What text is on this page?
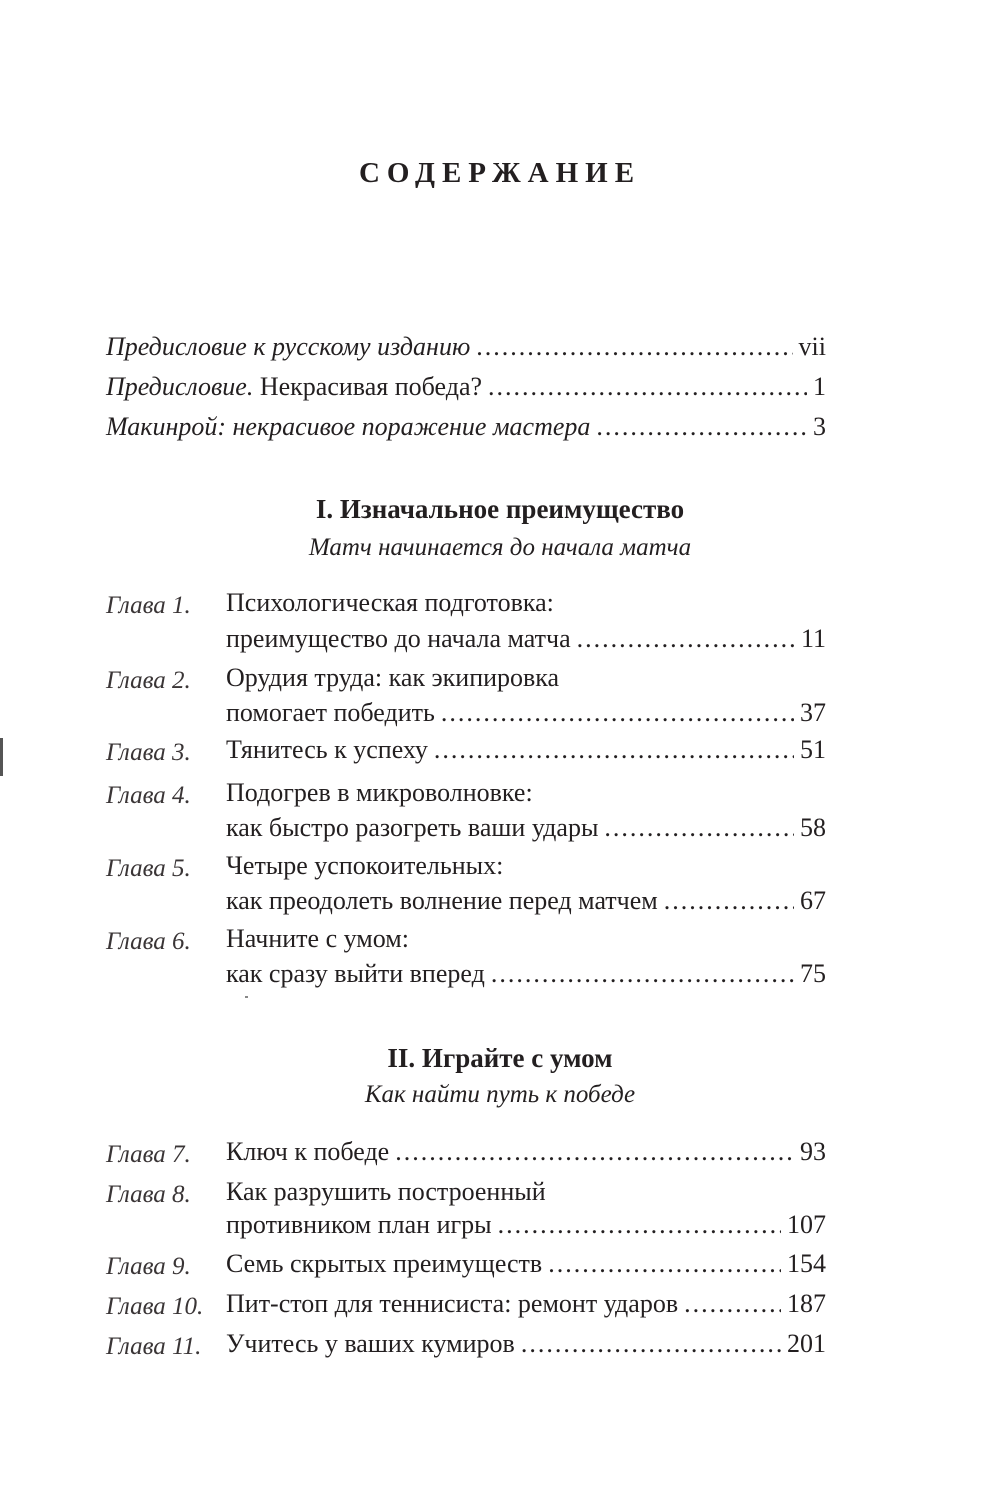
СОДЕРЖАНИЕ
Предисловие к русскому изданию .....	vii
Предисловие. Некрасивая победа? .....	1
Макинрой: некрасивое поражение мастера .....	3
I. Изначальное преимущество
Матч начинается до начала матча
Глава 1. Психологическая подготовка:
преимущество до начала матча .....	11
Глава 2. Орудия труда: как экипировка
помогает победить .....	37
Глава 3. Тянитесь к успеху .....	51
Глава 4. Подогрев в микроволновке:
как быстро разогреть ваши удары .....	58
Глава 5. Четыре успокоительных:
как преодолеть волнение перед матчем .....	67
Глава 6. Начните с умом:
как сразу выйти вперед .....	75
II. Играйте с умом
Как найти путь к победе
Глава 7. Ключ к победе .....	93
Глава 8. Как разрушить построенный
противником план игры .....	107
Глава 9. Семь скрытых преимуществ .....	154
Глава 10. Пит-стоп для теннисиста: ремонт ударов .....	187
Глава 11. Учитесь у ваших кумиров .....	201
